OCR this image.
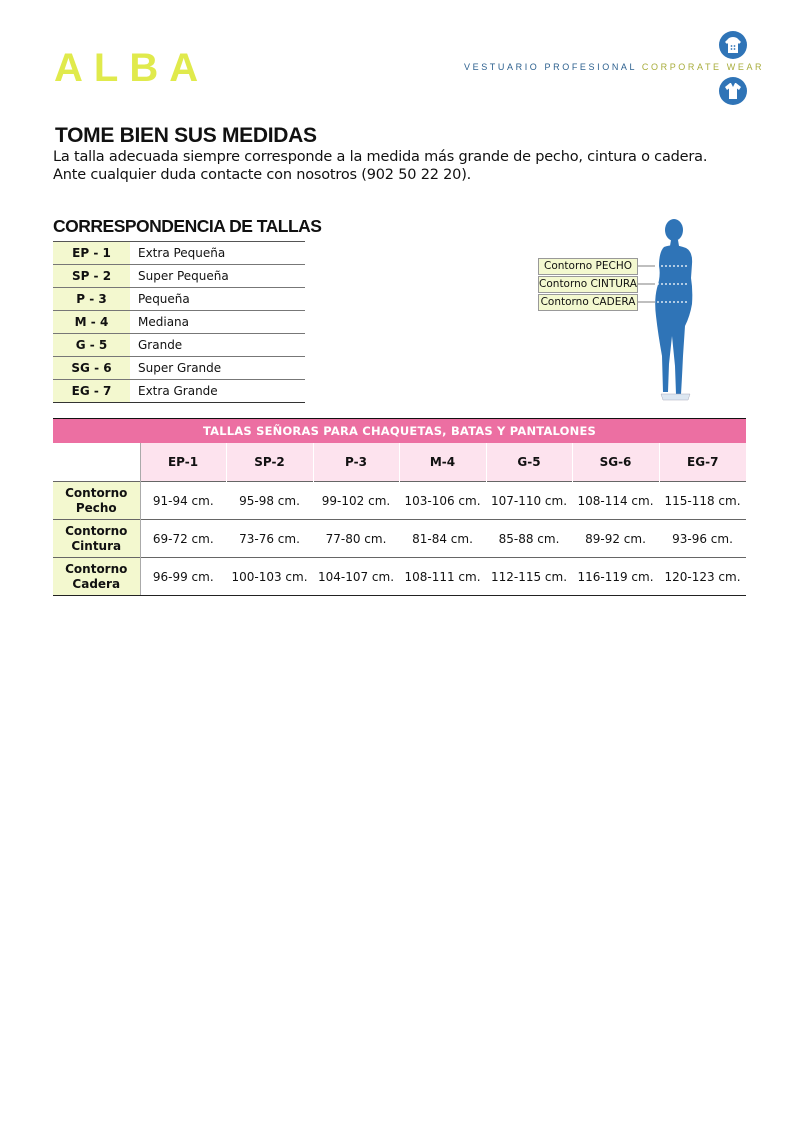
ALBA	VESTUARIO PROFESIONAL CORPORATE WEAR
TOME BIEN SUS MEDIDAS

La talla adecuada siempre corresponde a la medida más grande de pecho, cintura o cadera.
Ante cualquier duda contacte con nosotros (902 50 22 20).

CORRESPONDENCIA DE TALLAS
EP - 1	Extra Pequeña
SP - 2	Super Pequeña
P - 3	Pequeña
M - 4	Mediana
G - 5	Grande
SG - 6	Super Grande
EG - 7	Extra Grande
Contorno PECHO
Contorno CINTURA
Contorno CADERA
TALLAS SEÑORAS PARA CHAQUETAS, BATAS Y PANTALONES							
	EP-1	SP-2	P-3	M-4	G-5	SG-6	EG-7
Contorno
Pecho	91-94 cm.	95-98 cm.	99-102 cm.	103-106 cm.	107-110 cm.	108-114 cm.	115-118 cm.
Contorno
Cintura	69-72 cm.	73-76 cm.	77-80 cm.	81-84 cm.	85-88 cm.	89-92 cm.	93-96 cm.
Contorno
Cadera	96-99 cm.	100-103 cm.	104-107 cm.	108-111 cm.	112-115 cm.	116-119 cm.	120-123 cm.
